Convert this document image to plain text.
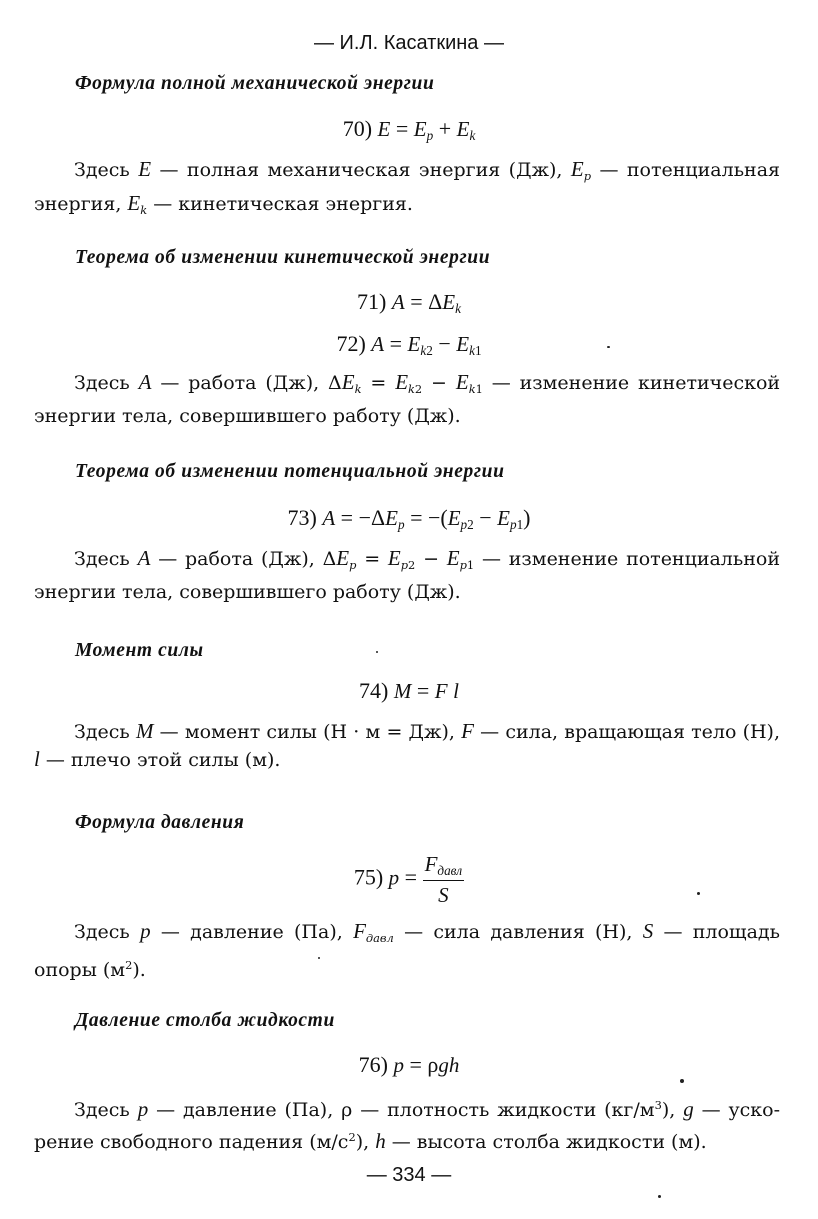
— И.Л. Касаткина —
Формула полной механической энергии
70) $E = E_p + E_k$
Здесь E — полная механическая энергия (Дж), $E_p$ — потенциальная
энергия, $E_k$ — кинетическая энергия.
Теорема об изменении кинетической энергии
71) $A = \Delta E_k$
72) $A = E_{k2} - E_{k1}$
Здесь A — работа (Дж), $\Delta E_k = E_{k2} - E_{k1}$ — изменение кинетической
энергии тела, совершившего работу (Дж).
Теорема об изменении потенциальной энергии
73) $A = -\Delta E_p = -(E_{p2} - E_{p1})$
Здесь A — работа (Дж), $\Delta E_p = E_{p2} - E_{p1}$ — изменение потенциальной
энергии тела, совершившего работу (Дж).
Момент силы
74) M = F l
Здесь M — момент силы (Н · м = Дж), F — сила, вращающая тело (Н),
l — плечо этой силы (м).
Формула давления
75) $p = \frac{F_{давл}}{S}$
Здесь p — давление (Па), $F_{давл}$ — сила давления (Н), S — площадь
опоры $(м^2)$.
Давление столба жидкости
76) p = ρgh
Здесь p — давление (Па), ρ — плотность жидкости $(кг/м^3)$, g — уско-
рение свободного падения $(м/с^2)$, h — высота столба жидкости (м).
— 334 —
